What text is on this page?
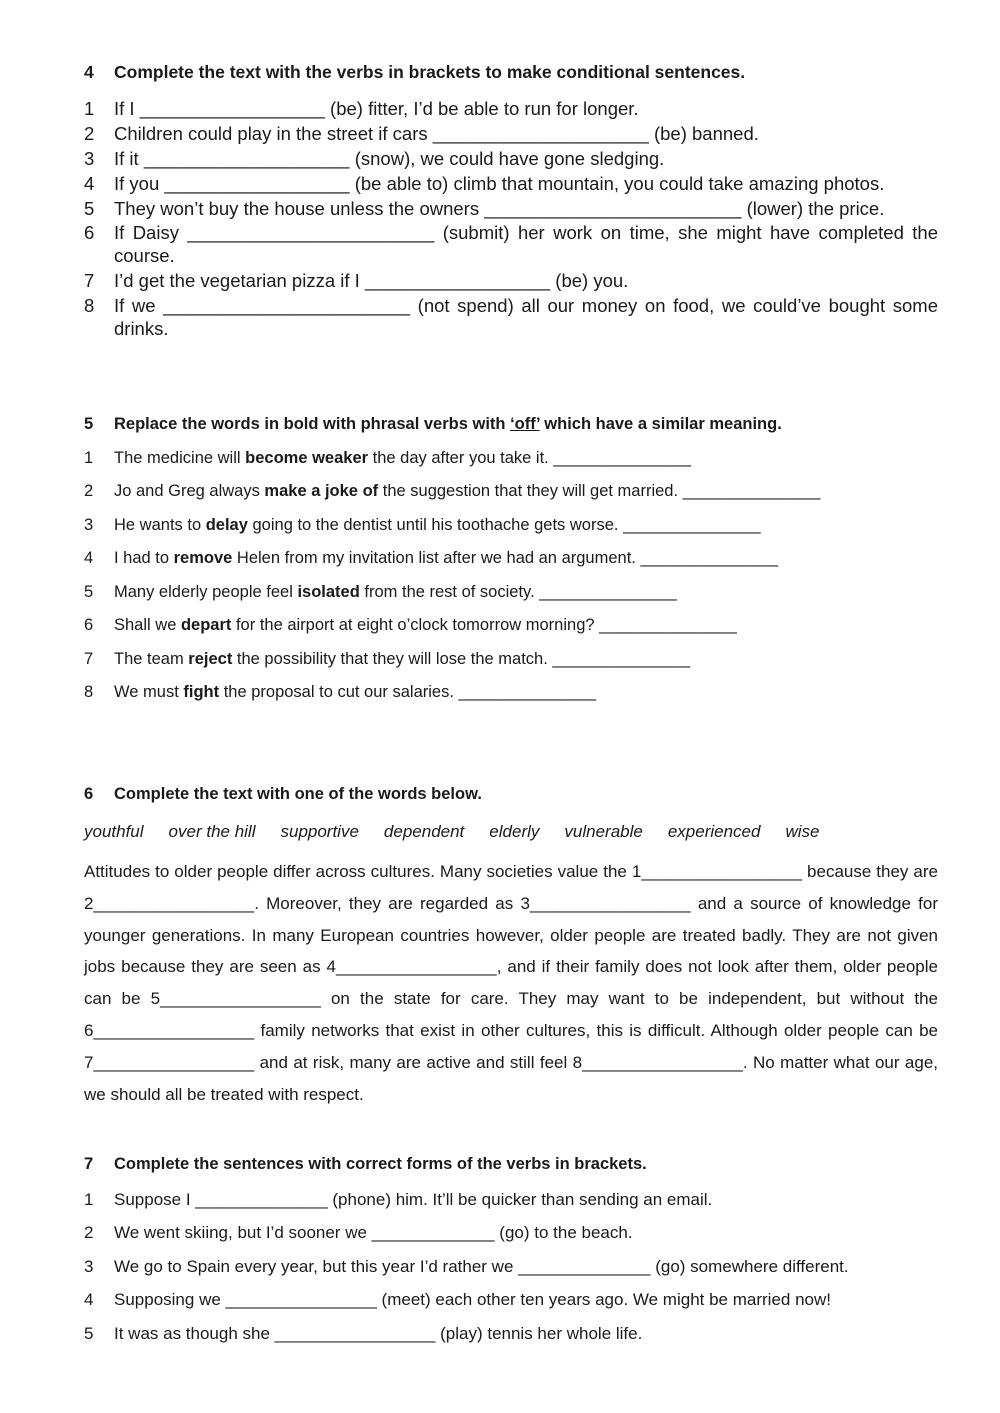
4	Complete the text with the verbs in brackets to make conditional sentences.
1	If I __________________ (be) fitter, I’d be able to run for longer.
2	Children could play in the street if cars _____________________ (be) banned.
3	If it ____________________ (snow), we could have gone sledging.
4	If you __________________ (be able to) climb that mountain, you could take amazing photos.
5	They won’t buy the house unless the owners _________________________ (lower) the price.
6	If Daisy ________________________ (submit) her work on time, she might have completed the course.
7	I’d get the vegetarian pizza if I __________________ (be) you.
8	If we ________________________ (not spend) all our money on food, we could’ve bought some drinks.
5	Replace the words in bold with phrasal verbs with ‘off’ which have a similar meaning.
1	The medicine will become weaker the day after you take it. _______________
2	Jo and Greg always make a joke of the suggestion that they will get married. _______________
3	He wants to delay going to the dentist until his toothache gets worse. _______________
4	I had to remove Helen from my invitation list after we had an argument. _______________
5	Many elderly people feel isolated from the rest of society. _______________
6	Shall we depart for the airport at eight o’clock tomorrow morning? _______________
7	The team reject the possibility that they will lose the match. _______________
8	We must fight the proposal to cut our salaries. _______________
6	Complete the text with one of the words below.
youthful over the hill supportive dependent elderly vulnerable experienced wise
Attitudes to older people differ across cultures. Many societies value the 1_________________ because they are 2_________________. Moreover, they are regarded as 3_________________ and a source of knowledge for younger generations. In many European countries however, older people are treated badly. They are not given jobs because they are seen as 4_________________, and if their family does not look after them, older people can be 5_________________ on the state for care. They may want to be independent, but without the 6_________________ family networks that exist in other cultures, this is difficult. Although older people can be 7_________________ and at risk, many are active and still feel 8_________________. No matter what our age, we should all be treated with respect.
7	Complete the sentences with correct forms of the verbs in brackets.
1	Suppose I ______________ (phone) him. It’ll be quicker than sending an email.
2	We went skiing, but I’d sooner we _____________ (go) to the beach.
3	We go to Spain every year, but this year I’d rather we ______________ (go) somewhere different.
4	Supposing we ________________ (meet) each other ten years ago. We might be married now!
5	It was as though she _________________ (play) tennis her whole life.
